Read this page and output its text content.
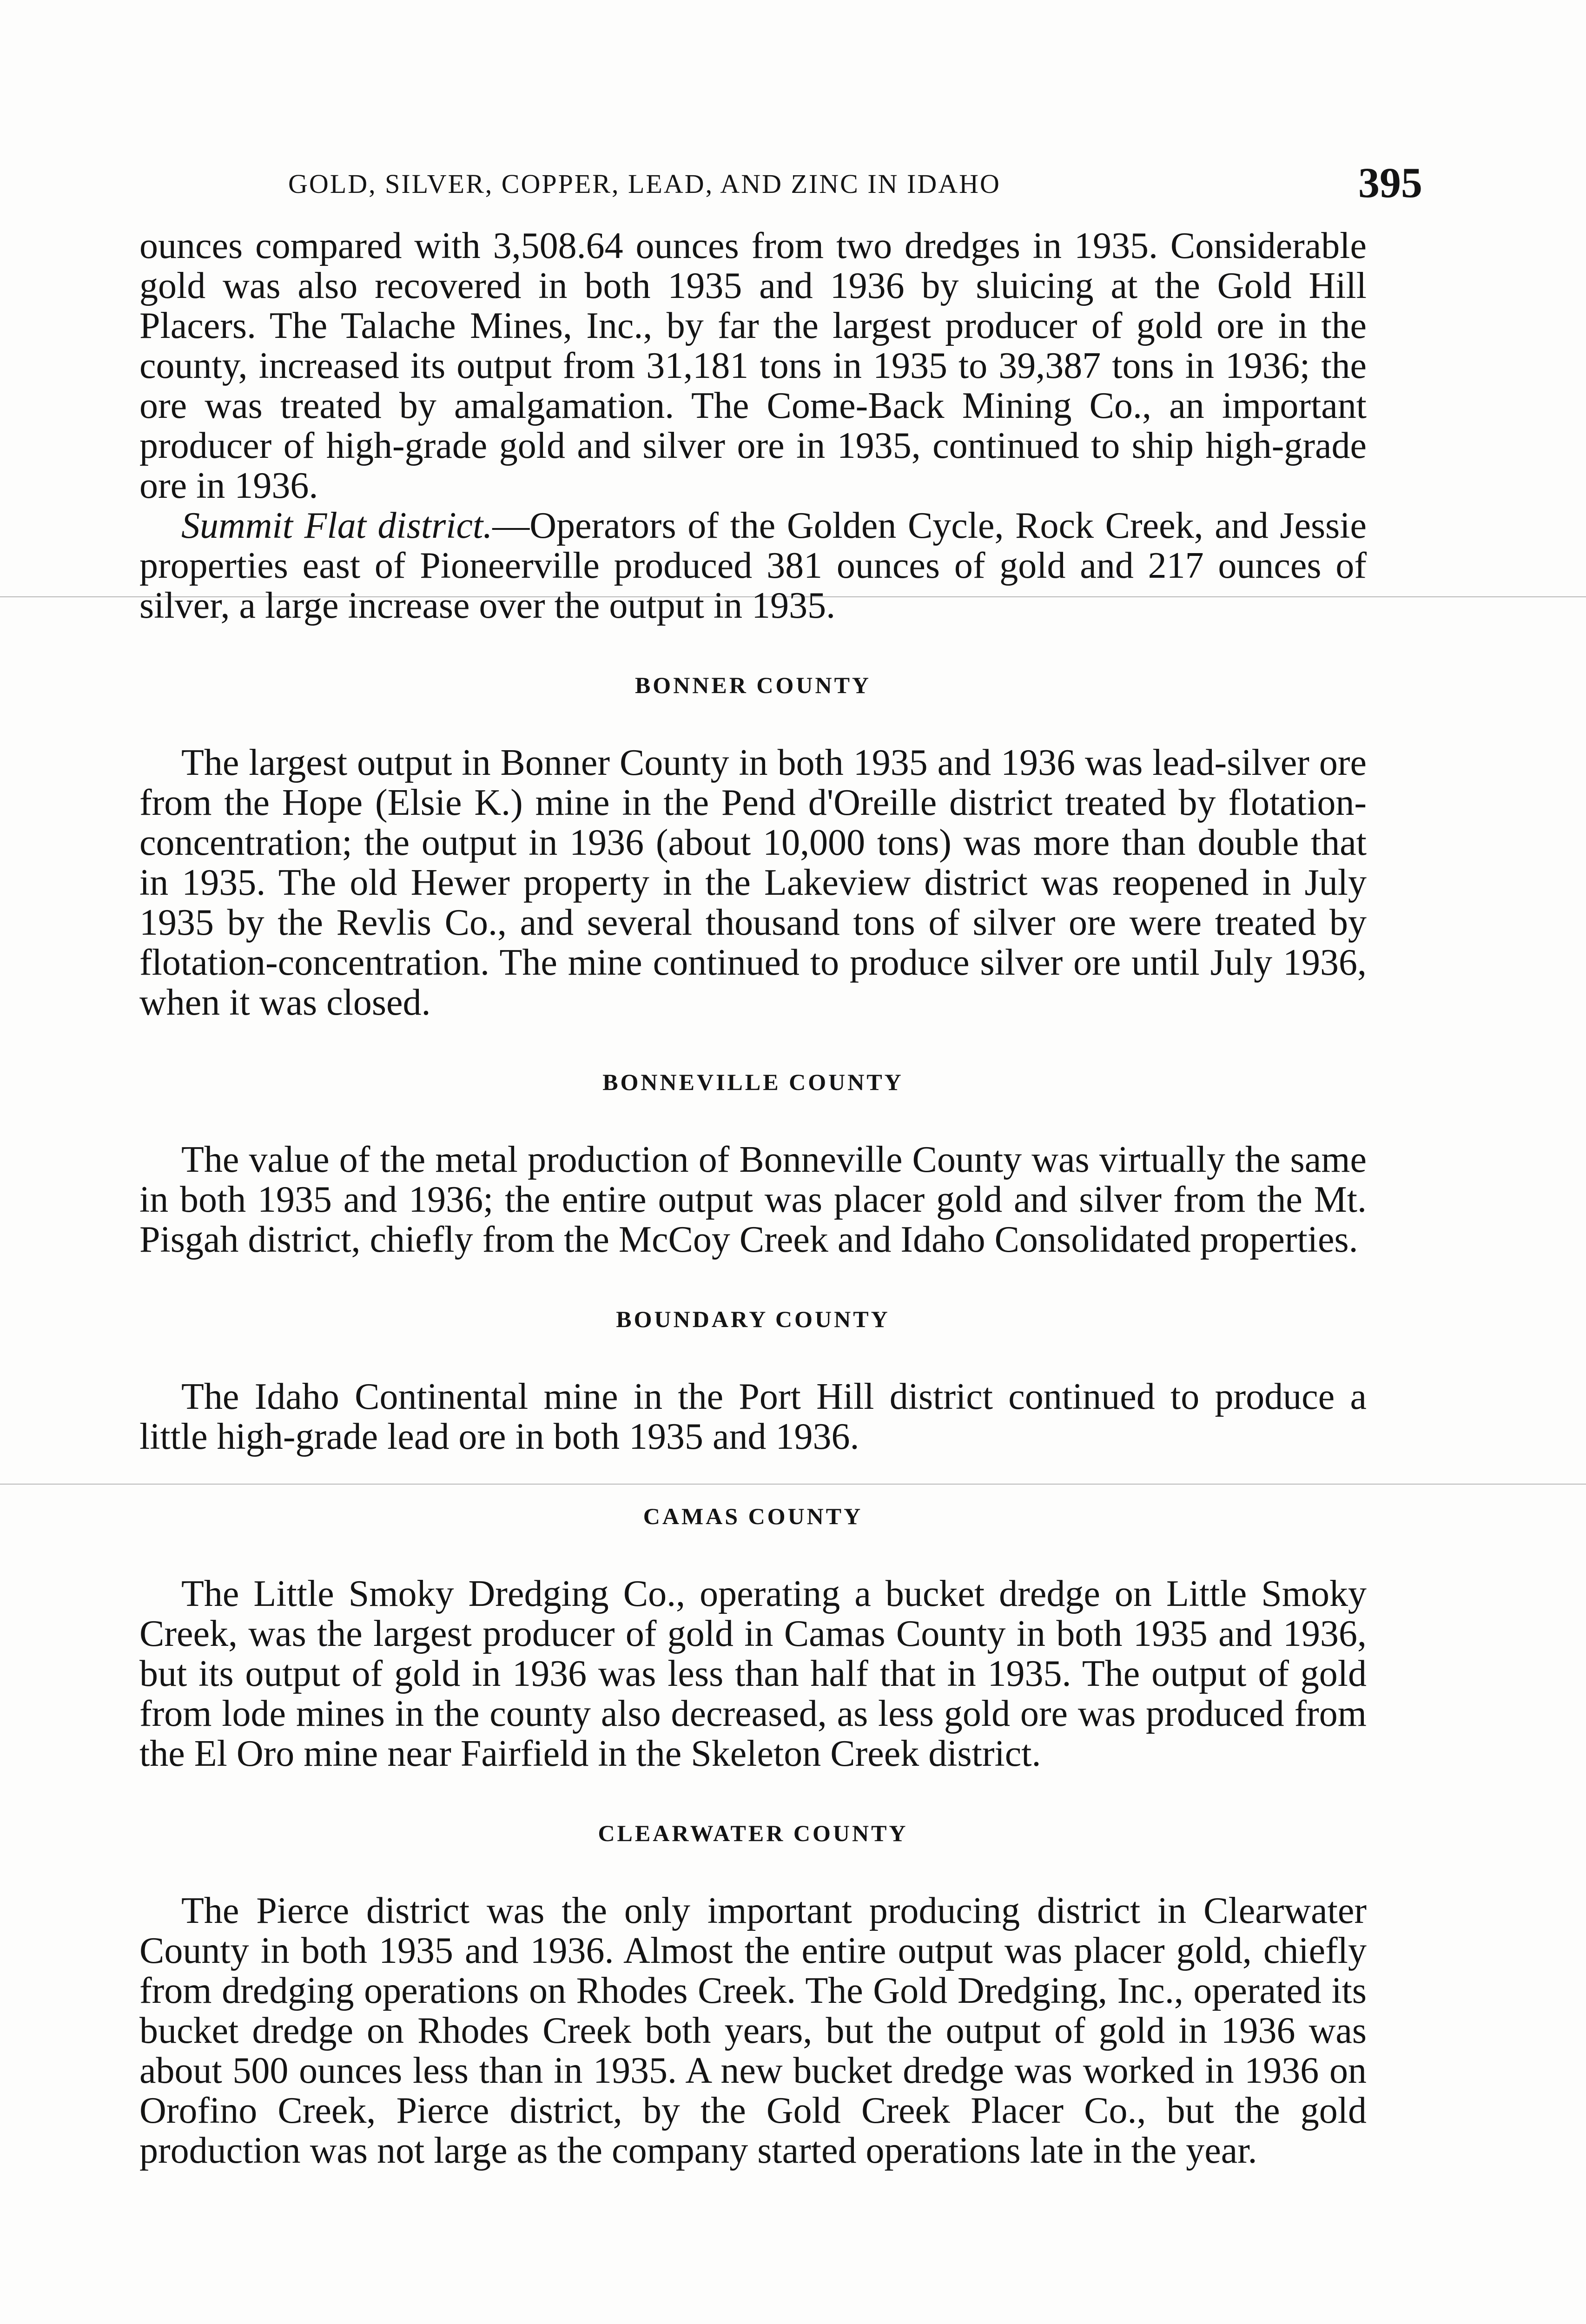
GOLD, SILVER, COPPER, LEAD, AND ZINC IN IDAHO	395

ounces compared with 3,508.64 ounces from two dredges in 1935. Considerable gold was also recovered in both 1935 and 1936 by sluicing at the Gold Hill Placers. The Talache Mines, Inc., by far the largest producer of gold ore in the county, increased its output from 31,181 tons in 1935 to 39,387 tons in 1936; the ore was treated by amalgamation. The Come-Back Mining Co., an important producer of high-grade gold and silver ore in 1935, continued to ship high-grade ore in 1936.

Summit Flat district.—Operators of the Golden Cycle, Rock Creek, and Jessie properties east of Pioneerville produced 381 ounces of gold and 217 ounces of silver, a large increase over the output in 1935.

BONNER COUNTY

The largest output in Bonner County in both 1935 and 1936 was lead-silver ore from the Hope (Elsie K.) mine in the Pend d'Oreille district treated by flotation-concentration; the output in 1936 (about 10,000 tons) was more than double that in 1935. The old Hewer property in the Lakeview district was reopened in July 1935 by the Revlis Co., and several thousand tons of silver ore were treated by flotation-concentration. The mine continued to produce silver ore until July 1936, when it was closed.

BONNEVILLE COUNTY

The value of the metal production of Bonneville County was virtually the same in both 1935 and 1936; the entire output was placer gold and silver from the Mt. Pisgah district, chiefly from the McCoy Creek and Idaho Consolidated properties.

BOUNDARY COUNTY

The Idaho Continental mine in the Port Hill district continued to produce a little high-grade lead ore in both 1935 and 1936.

CAMAS COUNTY

The Little Smoky Dredging Co., operating a bucket dredge on Little Smoky Creek, was the largest producer of gold in Camas County in both 1935 and 1936, but its output of gold in 1936 was less than half that in 1935. The output of gold from lode mines in the county also decreased, as less gold ore was produced from the El Oro mine near Fairfield in the Skeleton Creek district.

CLEARWATER COUNTY

The Pierce district was the only important producing district in Clearwater County in both 1935 and 1936. Almost the entire output was placer gold, chiefly from dredging operations on Rhodes Creek. The Gold Dredging, Inc., operated its bucket dredge on Rhodes Creek both years, but the output of gold in 1936 was about 500 ounces less than in 1935. A new bucket dredge was worked in 1936 on Orofino Creek, Pierce district, by the Gold Creek Placer Co., but the gold production was not large as the company started operations late in the year.
